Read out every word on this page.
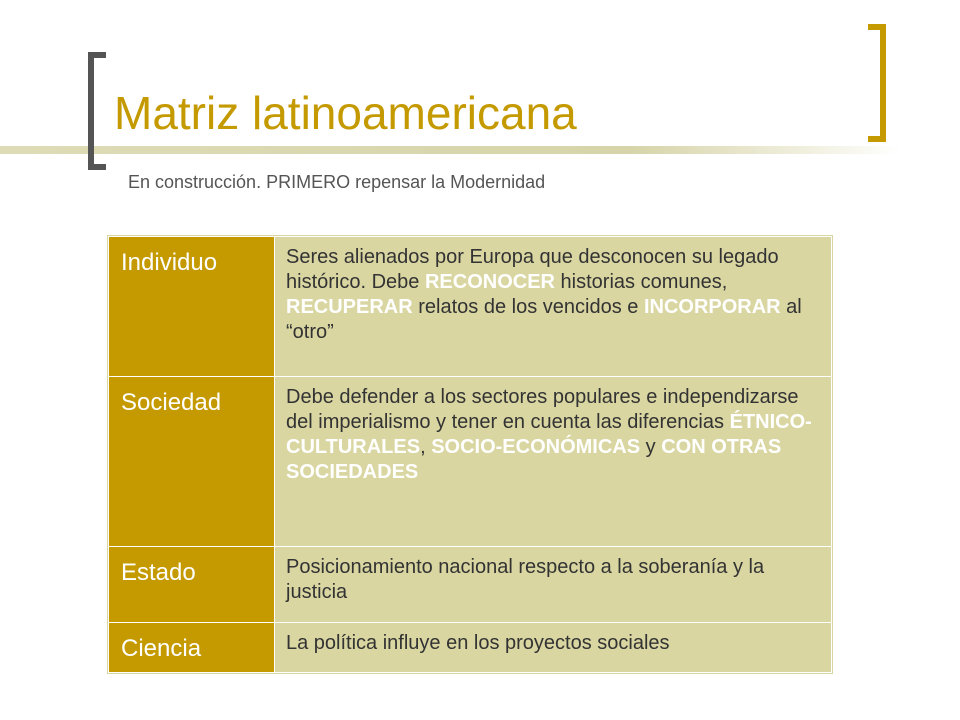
Matriz latinoamericana
En construcción. PRIMERO repensar la Modernidad
Individuo	Seres alienados por Europa que desconocen su legado histórico. Debe RECONOCER historias comunes, RECUPERAR relatos de los vencidos e INCORPORAR al “otro”
Sociedad	Debe defender a los sectores populares e independizarse del imperialismo y tener en cuenta las diferencias ÉTNICO-CULTURALES, SOCIO-ECONÓMICAS y CON OTRAS SOCIEDADES
Estado	Posicionamiento nacional respecto a la soberanía y la justicia
Ciencia	La política influye en los proyectos sociales
